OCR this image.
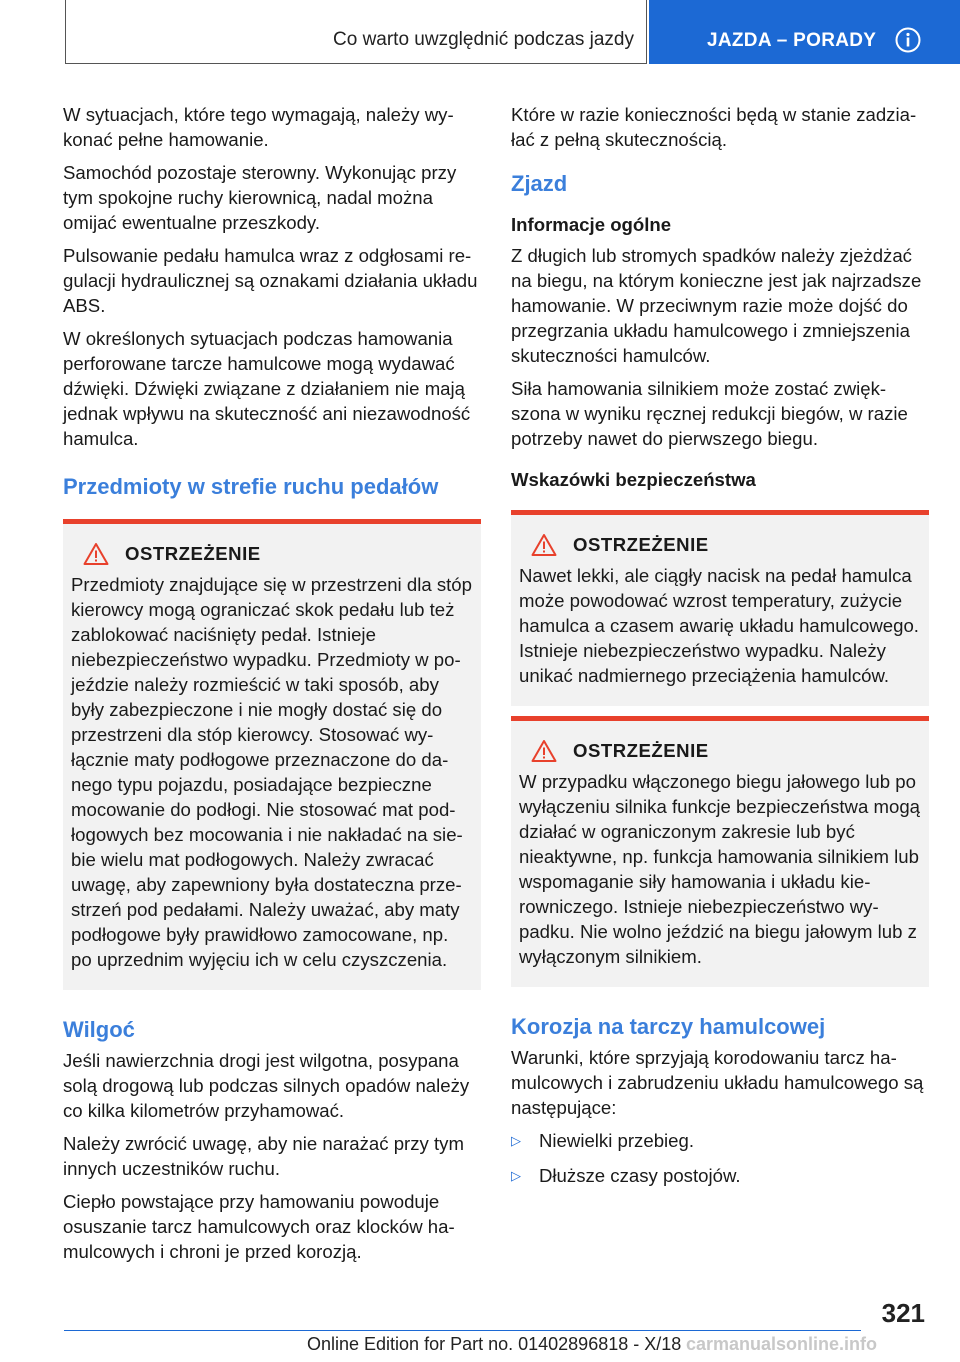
Co warto uwzględnić podczas jazdy	JAZDA – PORADY

W sytuacjach, które tego wymagają, należy wykonać pełne hamowanie.

Samochód pozostaje sterowny. Wykonując przy tym spokojne ruchy kierownicą, nadal można omijać ewentualne przeszkody.

Pulsowanie pedału hamulca wraz z odgłosami regulacji hydraulicznej są oznakami działania układu ABS.

W określonych sytuacjach podczas hamowania perforowane tarcze hamulcowe mogą wydawać dźwięki. Dźwięki związane z działaniem nie mają jednak wpływu na skuteczność ani niezawodność hamulca.

Przedmioty w strefie ruchu pedałów
OSTRZEŻENIE

Przedmioty znajdujące się w przestrzeni dla stóp kierowcy mogą ograniczać skok pedału lub też zablokować naciśnięty pedał. Istnieje niebezpieczeństwo wypadku. Przedmioty w pojeździe należy rozmieścić w taki sposób, aby były zabezpieczone i nie mogły dostać się do przestrzeni dla stóp kierowcy. Stosować wyłącznie maty podłogowe przeznaczone do danego typu pojazdu, posiadające bezpieczne mocowanie do podłogi. Nie stosować mat podłogowych bez mocowania i nie nakładać na siebie wielu mat podłogowych. Należy zwracać uwagę, aby zapewniony była dostateczna przestrzeń pod pedałami. Należy uważać, aby maty podłogowe były prawidłowo zamocowane, np. po uprzednim wyjęciu ich w celu czyszczenia.

Wilgoć

Jeśli nawierzchnia drogi jest wilgotna, posypana solą drogową lub podczas silnych opadów należy co kilka kilometrów przyhamować.

Należy zwrócić uwagę, aby nie narażać przy tym innych uczestników ruchu.

Ciepło powstające przy hamowaniu powoduje osuszanie tarcz hamulcowych oraz klocków hamulcowych i chroni je przed korozją.

Które w razie konieczności będą w stanie zadziałać z pełną skutecznością.

Zjazd
Informacje ogólne

Z długich lub stromych spadków należy zjeżdżać na biegu, na którym konieczne jest jak najrzadsze hamowanie. W przeciwnym razie może dojść do przegrzania układu hamulcowego i zmniejszenia skuteczności hamulców.

Siła hamowania silnikiem może zostać zwiększona w wyniku ręcznej redukcji biegów, w razie potrzeby nawet do pierwszego biegu.

Wskazówki bezpieczeństwa
OSTRZEŻENIE

Nawet lekki, ale ciągły nacisk na pedał hamulca może powodować wzrost temperatury, zużycie hamulca a czasem awarię układu hamulcowego. Istnieje niebezpieczeństwo wypadku. Należy unikać nadmiernego przeciążenia hamulców.

OSTRZEŻENIE

W przypadku włączonego biegu jałowego lub po wyłączeniu silnika funkcje bezpieczeństwa mogą działać w ograniczonym zakresie lub być nieaktywne, np. funkcja hamowania silnikiem lub wspomaganie siły hamowania i układu kierowniczego. Istnieje niebezpieczeństwo wypadku. Nie wolno jeździć na biegu jałowym lub z wyłączonym silnikiem.

Korozja na tarczy hamulcowej

Warunki, które sprzyjają korodowaniu tarcz hamulcowych i zabrudzeniu układu hamulcowego są następujące:

▷ Niewielki przebieg.
▷ Dłuższe czasy postojów.
321
Online Edition for Part no. 01402896818 - X/18 carmanualsonline.info
